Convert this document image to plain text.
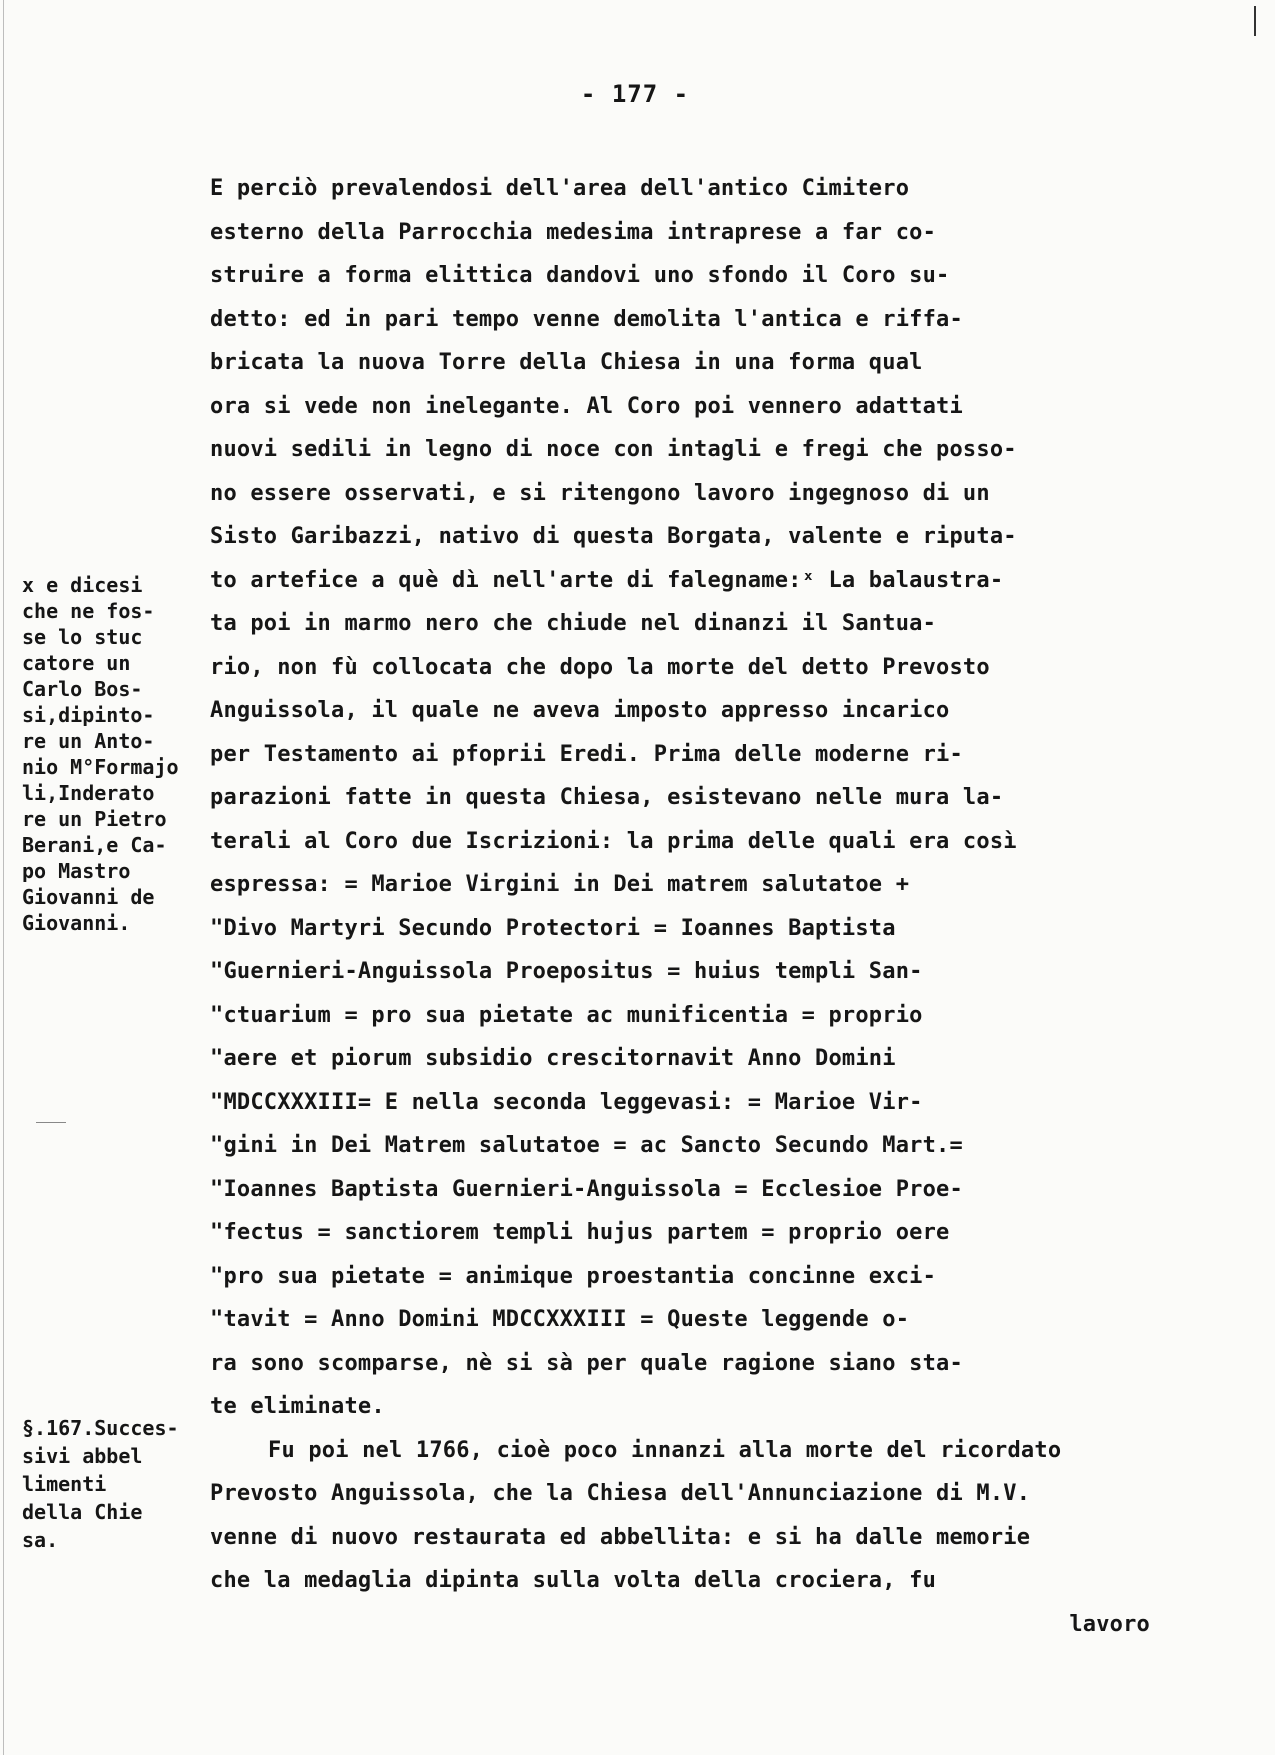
- 177 -
x e dicesi
che ne fos-
se lo stuc
catore un
Carlo Bos-
si,dipinto-
re un Anto-
nio M°Formajo
li,Inderato
re un Pietro
Berani,e Ca-
po Mastro
Giovanni de
Giovanni.
§.167.Succes-
sivi abbel
limenti
della Chie
sa.
E perciò prevalendosi dell'area dell'antico Cimitero
esterno della Parrocchia medesima intraprese a far co-
struire a forma elittica dandovi uno sfondo il Coro su-
detto: ed in pari tempo venne demolita l'antica e riffa-
bricata la nuova Torre della Chiesa in una forma qual
ora si vede non inelegante. Al Coro poi vennero adattati
nuovi sedili in legno di noce con intagli e fregi che posso-
no essere osservati, e si ritengono lavoro ingegnoso di un
Sisto Garibazzi, nativo di questa Borgata, valente e riputa-
to artefice a què dì nell'arte di falegname:ˣ La balaustra-
ta poi in marmo nero che chiude nel dinanzi il Santua-
rio, non fù collocata che dopo la morte del detto Prevosto
Anguissola, il quale ne aveva imposto appresso incarico
per Testamento ai pfoprii Eredi. Prima delle moderne ri-
parazioni fatte in questa Chiesa, esistevano nelle mura la-
terali al Coro due Iscrizioni: la prima delle quali era così
espressa: = Marioe Virgini in Dei matrem salutatoe +
"Divo Martyri Secundo Protectori = Ioannes Baptista
"Guernieri-Anguissola Proepositus = huius templi San-
"ctuarium = pro sua pietate ac munificentia = proprio
"aere et piorum subsidio crescitornavit Anno Domini
"MDCCXXXIII= E nella seconda leggevasi: = Marioe Vir-
"gini in Dei Matrem salutatoe = ac Sancto Secundo Mart.=
"Ioannes Baptista Guernieri-Anguissola = Ecclesioe Proe-
"fectus = sanctiorem templi hujus partem = proprio oere
"pro sua pietate = animique proestantia concinne exci-
"tavit = Anno Domini MDCCXXXIII = Queste leggende o-
ra sono scomparse, nè si sà per quale ragione siano sta-
te eliminate.
Fu poi nel 1766, cioè poco innanzi alla morte del ricordato
Prevosto Anguissola, che la Chiesa dell'Annunciazione di M.V.
venne di nuovo restaurata ed abbellita: e si ha dalle memorie
che la medaglia dipinta sulla volta della crociera, fu
lavoro
